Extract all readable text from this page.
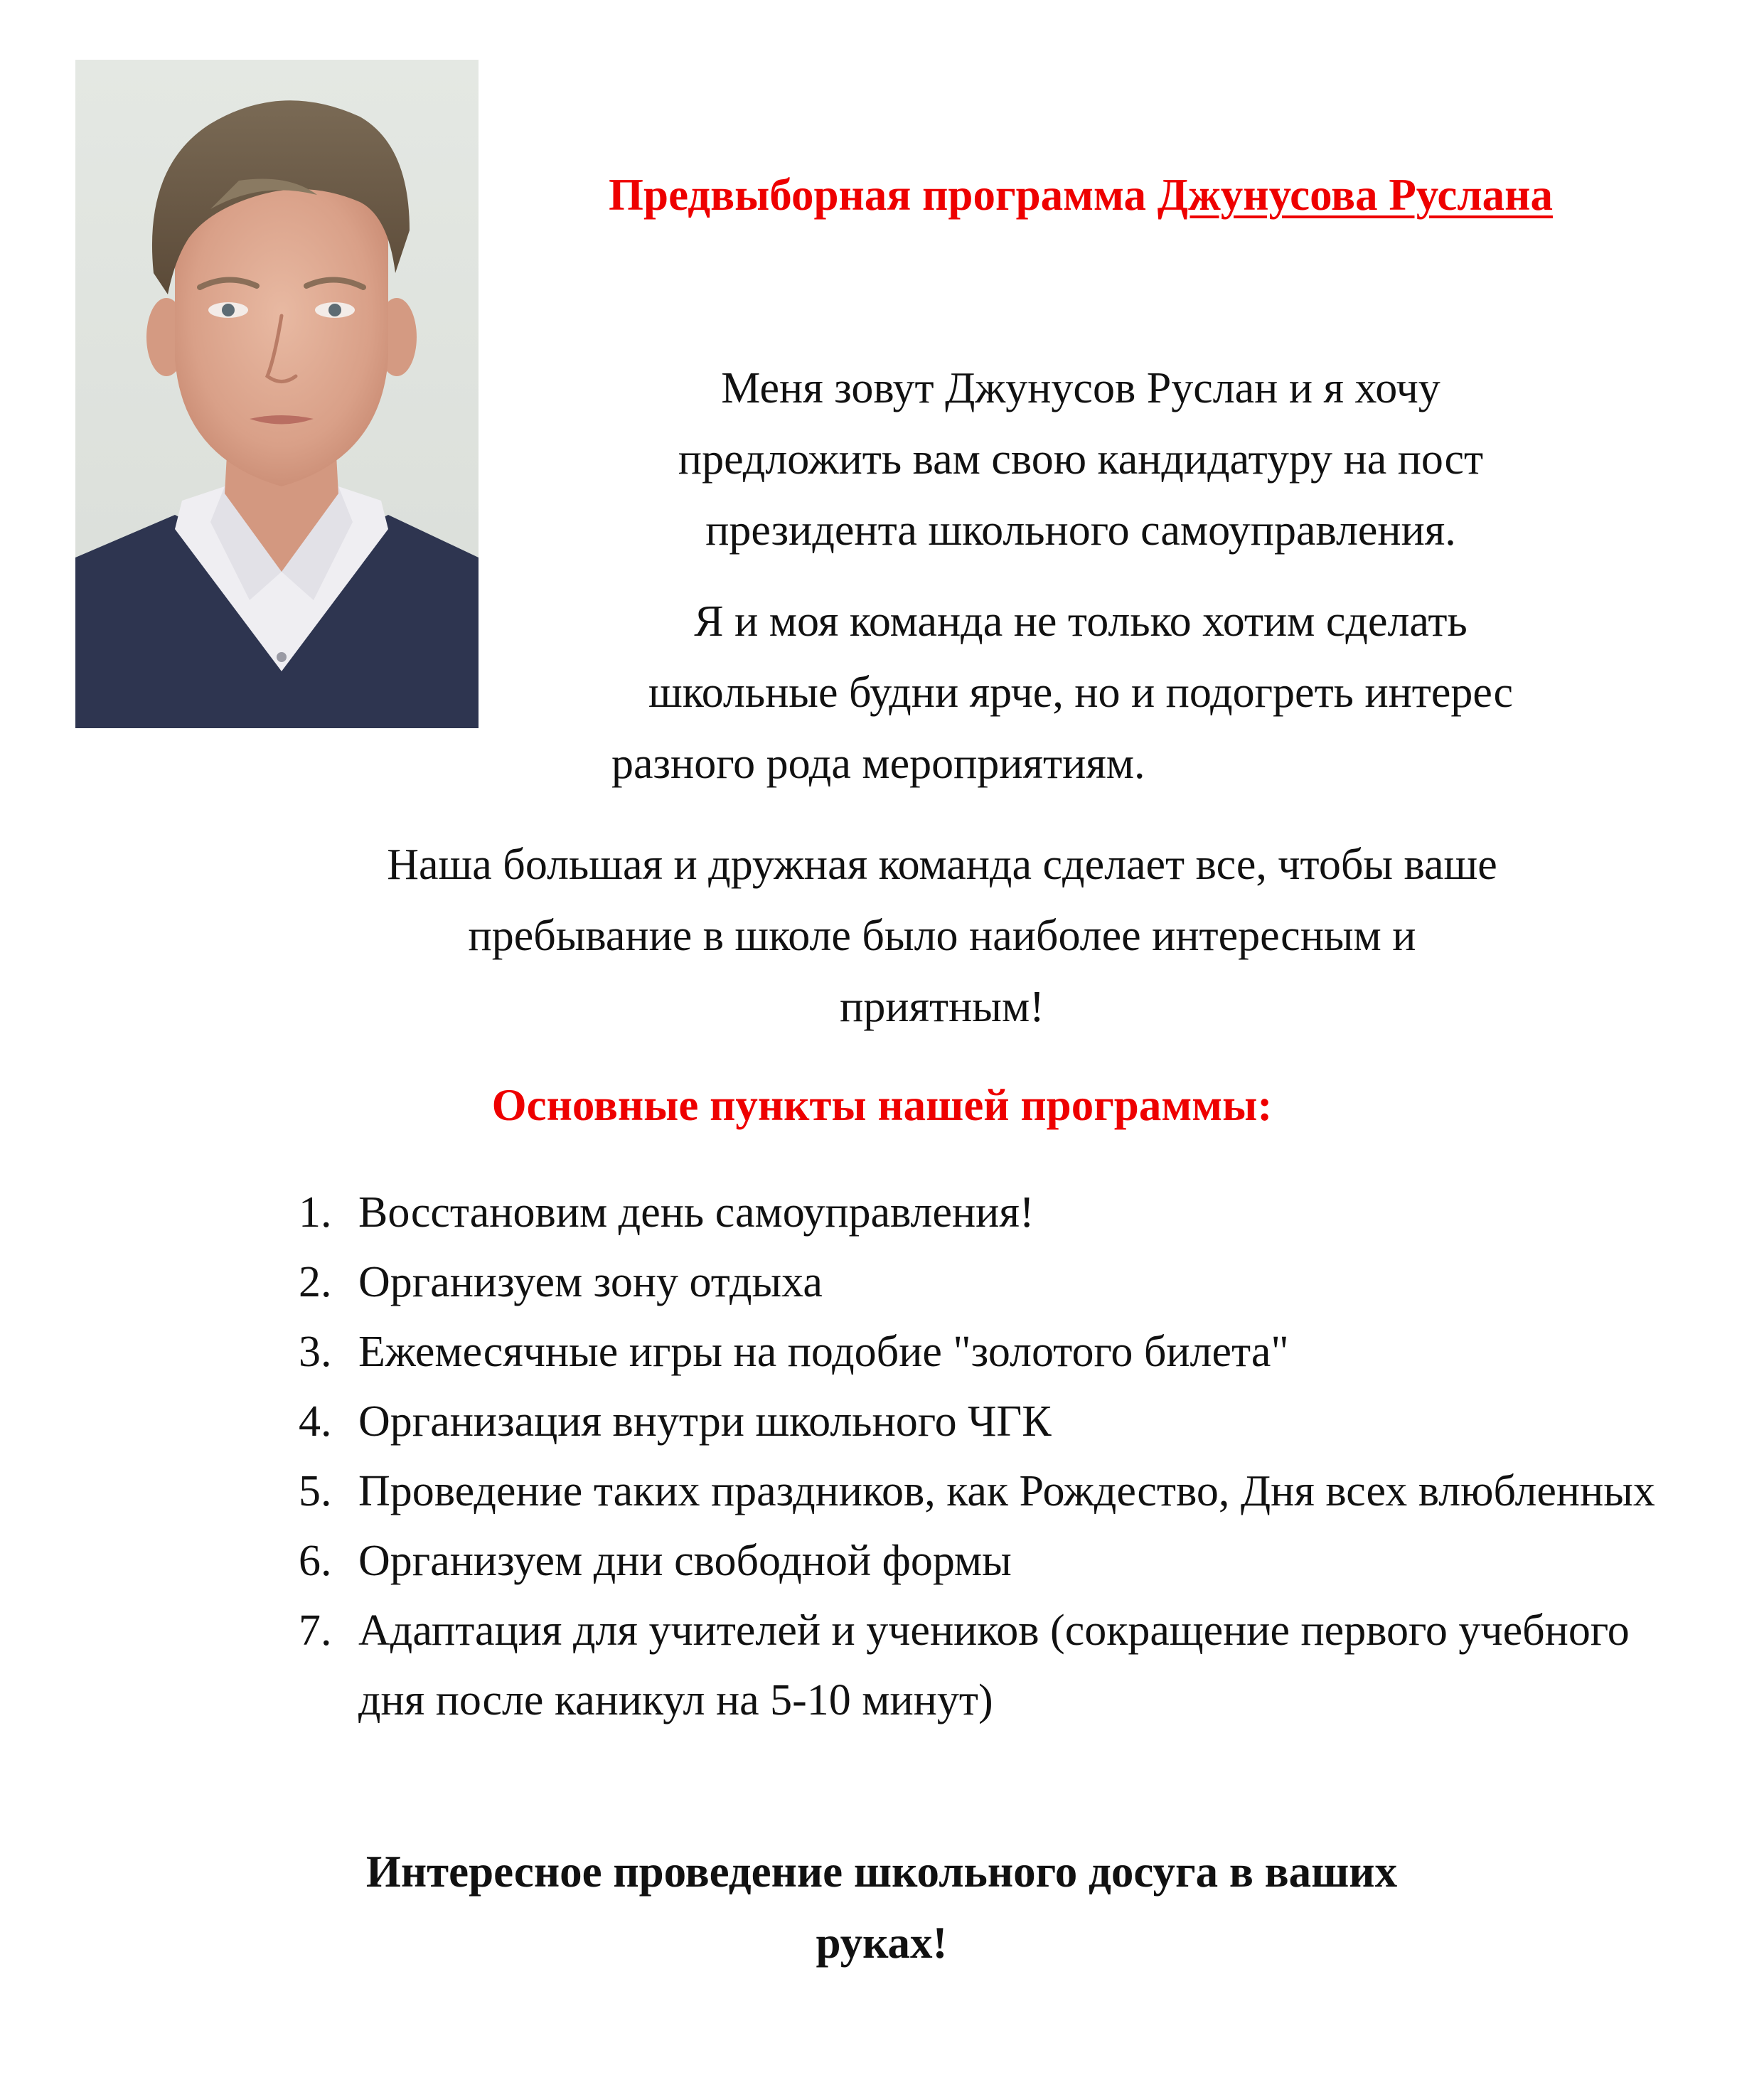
Предвыборная программа Джунусова Руслана
Меня зовут Джунусов Руслан и я хочу
предложить вам свою кандидатуру на пост
президента школьного самоуправления.
Я и моя команда не только хотим сделать
школьные будни ярче, но и подогреть интерес
разного рода мероприятиям.
Наша большая и дружная команда сделает все, чтобы ваше
пребывание в школе было наиболее интересным и
приятным!
Основные пункты нашей программы:
1. Восстановим день самоуправления!
2. Организуем зону отдыха
3. Ежемесячные игры на подобие "золотого билета"
4. Организация внутри школьного ЧГК
5. Проведение таких праздников, как Рождество, Дня всех влюбленных
6. Организуем дни свободной формы
7. Адаптация для учителей и учеников (сокращение первого учебного дня после каникул на 5-10 минут)
Интересное проведение школьного досуга в ваших
руках!
